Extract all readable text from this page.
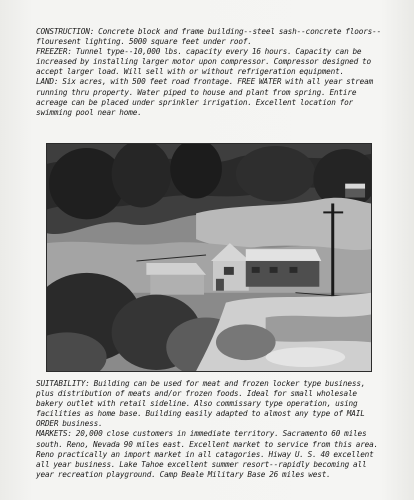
CONSTRUCTION: Concrete block and frame building--steel sash--concrete floors--flouresent lighting. 5000 square feet under roof.
FREEZER: Tunnel type--10,000 lbs. capacity every 16 hours. Capacity can be increased by installing larger motor upon compressor. Compressor designed to accept larger load. Will sell with or without refrigeration equipment.
LAND: Six acres, with 500 feet road frontage. FREE WATER with all year stream running thru property. Water piped to house and plant from spring. Entire acreage can be placed under sprinkler irrigation. Excellent location for swimming pool near home.
SUITABILITY: Building can be used for meat and frozen locker type business, plus distribution of meats and/or frozen foods. Ideal for small wholesale bakery outlet with retail sideline. Also commissary type operation, using facilities as home base. Building easily adapted to almost any type of MAIL ORDER business.
MARKETS: 20,000 close customers in immediate territory. Sacramento 60 miles south. Reno, Nevada 90 miles east. Excellent market to service from this area. Reno practically an import market in all catagories. Hiway U. S. 40 excellent all year business. Lake Tahoe excellent summer resort--rapidly becoming all year recreation playground. Camp Beale Military Base 26 miles west.
